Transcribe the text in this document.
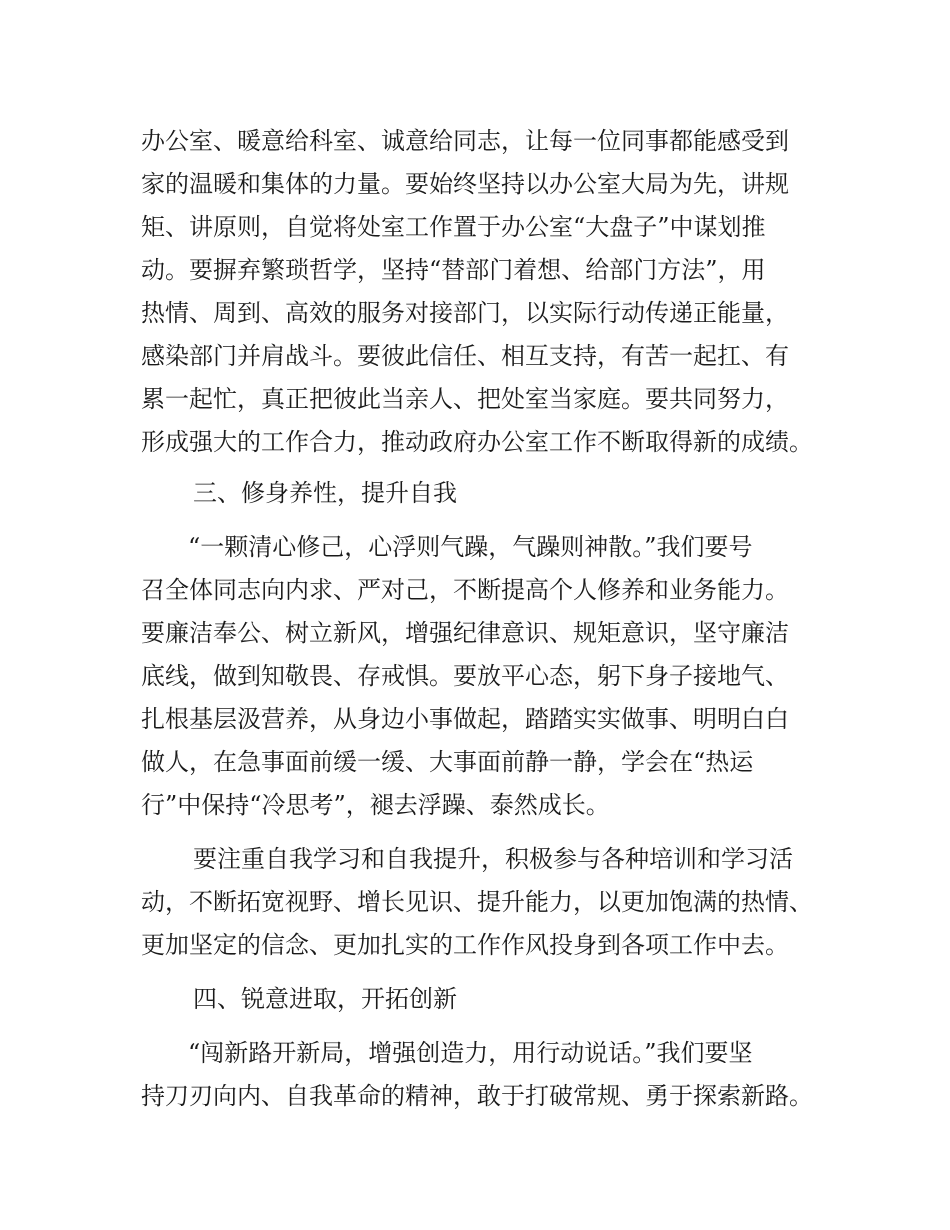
办公室、暖意给科室、诚意给同志，让每一位同事都能感受到

家的温暖和集体的力量。要始终坚持以办公室大局为先，讲规

矩、讲原则，自觉将处室工作置于办公室“大盘子”中谋划推

动。要摒弃繁琐哲学，坚持“替部门着想、给部门方法”，用

热情、周到、高效的服务对接部门，以实际行动传递正能量，

感染部门并肩战斗。要彼此信任、相互支持，有苦一起扛、有

累一起忙，真正把彼此当亲人、把处室当家庭。要共同努力，

形成强大的工作合力，推动政府办公室工作不断取得新的成绩。

三、修身养性，提升自我

“一颗清心修己，心浮则气躁，气躁则神散。”我们要号

召全体同志向内求、严对己，不断提高个人修养和业务能力。

要廉洁奉公、树立新风，增强纪律意识、规矩意识，坚守廉洁

底线，做到知敬畏、存戒惧。要放平心态，躬下身子接地气、

扎根基层汲营养，从身边小事做起，踏踏实实做事、明明白白

做人，在急事面前缓一缓、大事面前静一静，学会在“热运

行”中保持“冷思考”，褪去浮躁、泰然成长。

要注重自我学习和自我提升，积极参与各种培训和学习活

动，不断拓宽视野、增长见识、提升能力，以更加饱满的热情、

更加坚定的信念、更加扎实的工作作风投身到各项工作中去。

四、锐意进取，开拓创新

“闯新路开新局，增强创造力，用行动说话。”我们要坚

持刀刃向内、自我革命的精神，敢于打破常规、勇于探索新路。
